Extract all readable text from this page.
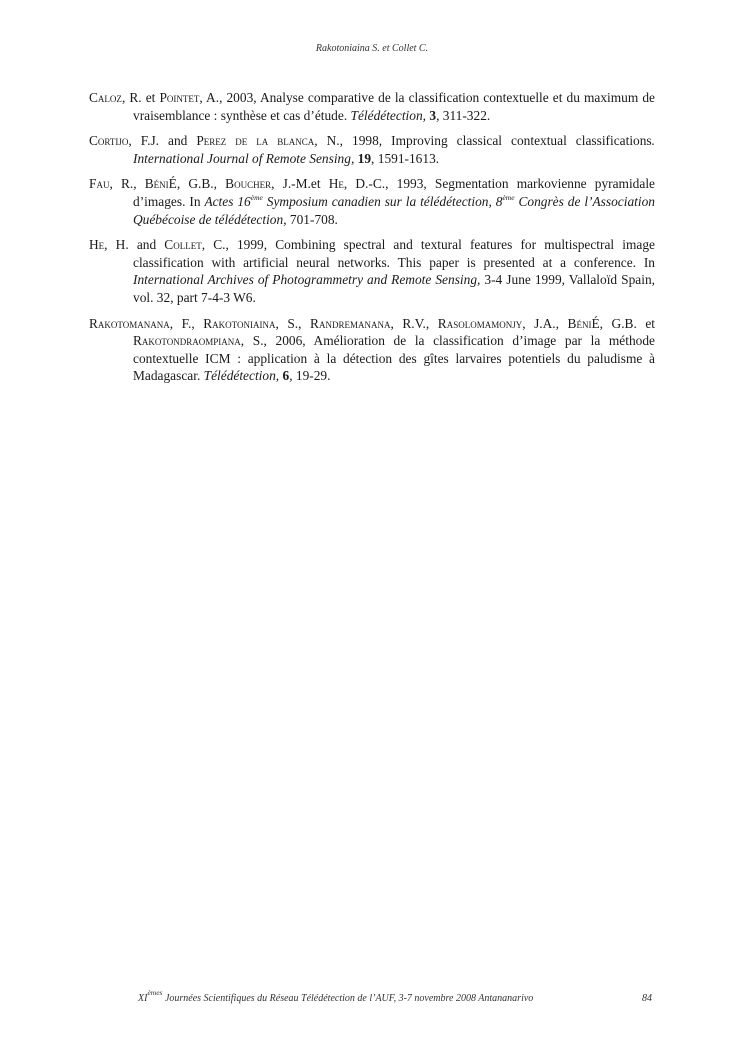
Rakotoniaina S. et Collet C.

Caloz, R. et Pointet, A., 2003, Analyse comparative de la classification contextuelle et du maximum de vraisemblance : synthèse et cas d’étude. Télédétection, 3, 311-322.

Cortijo, F.J. and Perez de la blanca, N., 1998, Improving classical contextual classifications. International Journal of Remote Sensing, 19, 1591-1613.

Fau, R., BéniÉ, G.B., Boucher, J.-M.et He, D.-C., 1993, Segmentation markovienne pyramidale d’images. In Actes 16ème Symposium canadien sur la télédétection, 8ème Congrès de l’Association Québécoise de télédétection, 701-708.

He, H. and Collet, C., 1999, Combining spectral and textural features for multispectral image classification with artificial neural networks. This paper is presented at a conference. In International Archives of Photogrammetry and Remote Sensing, 3-4 June 1999, Vallaloïd Spain, vol. 32, part 7-4-3 W6.

Rakotomanana, F., Rakotoniaina, S., Randremanana, R.V., Rasolomamonjy, J.A., BéniÉ, G.B. et Rakotondraompiana, S., 2006, Amélioration de la classification d’image par la méthode contextuelle ICM : application à la détection des gîtes larvaires potentiels du paludisme à Madagascar. Télédétection, 6, 19-29.

XIèmes Journées Scientifiques du Réseau Télédétection de l’AUF, 3-7 novembre 2008 Antananarivo	84
